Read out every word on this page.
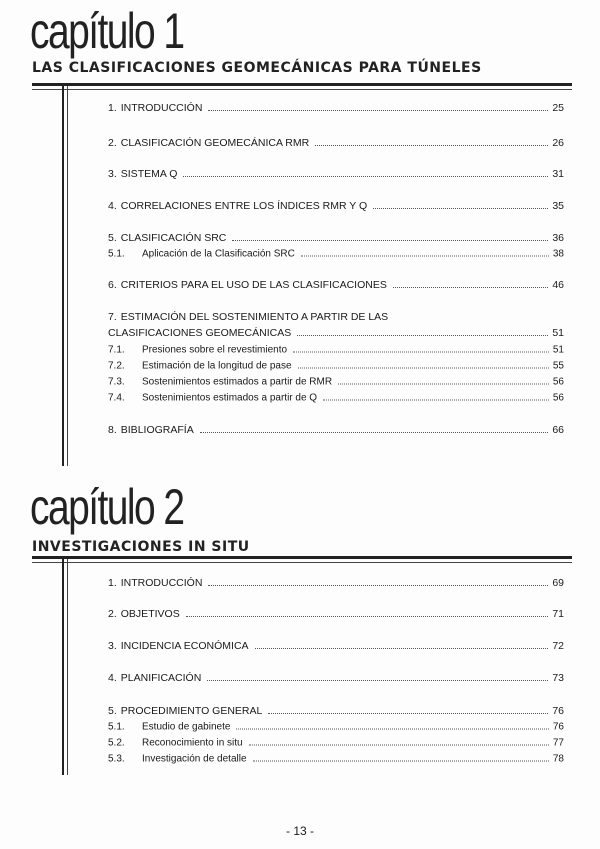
capítulo 1
LAS CLASIFICACIONES GEOMECÁNICAS PARA TÚNELES
1. INTRODUCCIÓN	25
2. CLASIFICACIÓN GEOMECÁNICA RMR	26
3. SISTEMA Q	31
4. CORRELACIONES ENTRE LOS ÍNDICES RMR Y Q	35
5. CLASIFICACIÓN SRC	36
5.1.	Aplicación de la Clasificación SRC	38
6. CRITERIOS PARA EL USO DE LAS CLASIFICACIONES	46
7. ESTIMACIÓN DEL SOSTENIMIENTO A PARTIR DE LAS
CLASIFICACIONES GEOMECÁNICAS	51
7.1.	Presiones sobre el revestimiento	51
7.2.	Estimación de la longitud de pase	55
7.3.	Sostenimientos estimados a partir de RMR	56
7.4.	Sostenimientos estimados a partir de Q	56
8. BIBLIOGRAFÍA	66
capítulo 2
INVESTIGACIONES IN SITU
1. INTRODUCCIÓN	69
2. OBJETIVOS	71
3. INCIDENCIA ECONÓMICA	72
4. PLANIFICACIÓN	73
5. PROCEDIMIENTO GENERAL	76
5.1.	Estudio de gabinete	76
5.2.	Reconocimiento in situ	77
5.3.	Investigación de detalle	78
- 13 -
